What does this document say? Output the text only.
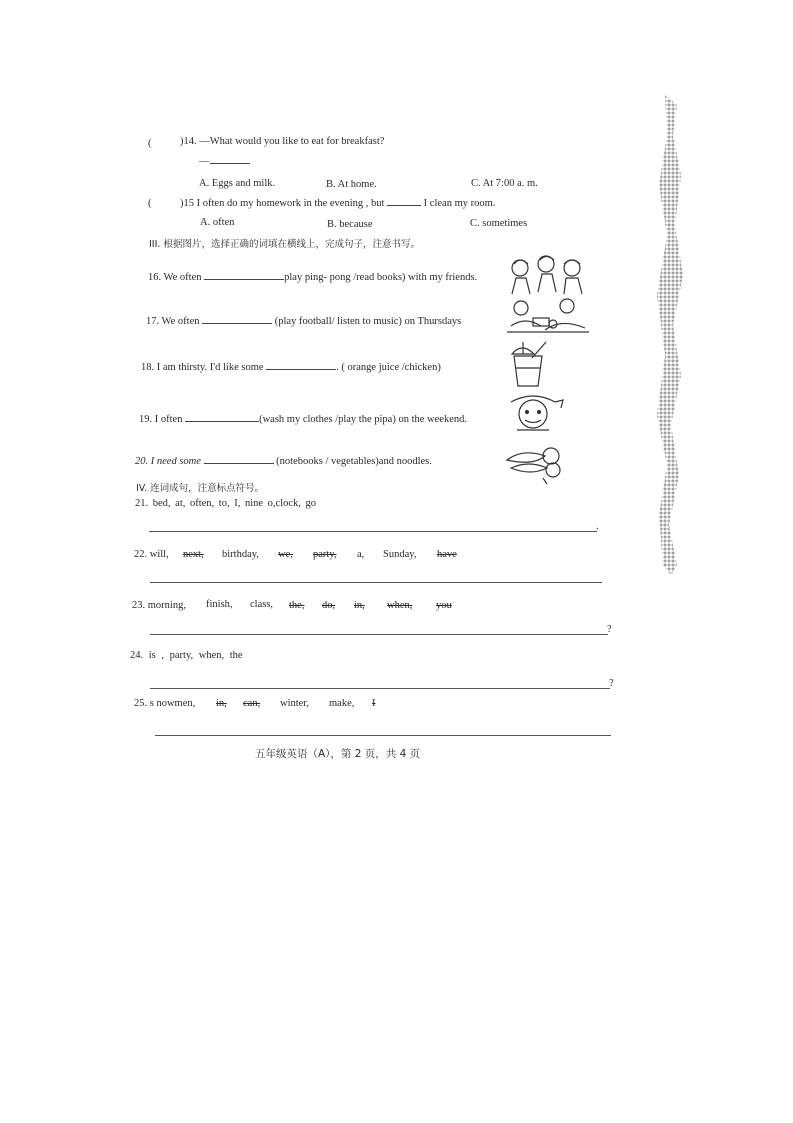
(	)14. —What would you like to eat for breakfast?
—
A. Eggs and milk.	B. At home.	C. At 7:00 a. m.
(	)15 I often do my homework in the evening , but	I clean my room.
A. often	B. because	C. sometimes
III. 根据图片，选择正确的词填在横线上，完成句子，注意书写。
16. We often	play ping- pong /read books) with my friends.
17. We often	(play football/ listen to music) on Thursdays
18. I am thirsty. I'd like some	. ( orange juice /chicken)
19. I often	(wash my clothes /play the pipa) on the weekend.
20. I need some	(notebooks / vegetables)and noodles.
IV. 连词成句，注意标点符号。
21. bed, at, often, to, I, nine o,clock, go
.
22. will, next, birthday, we, party, a, Sunday, have
23. morning, finish, class, the, do, in, when, you
?
24. is , party, when, the
?
25. s nowmen, in, can, winter, make, I
五年级英语（A），第 2 页，共 4 页
